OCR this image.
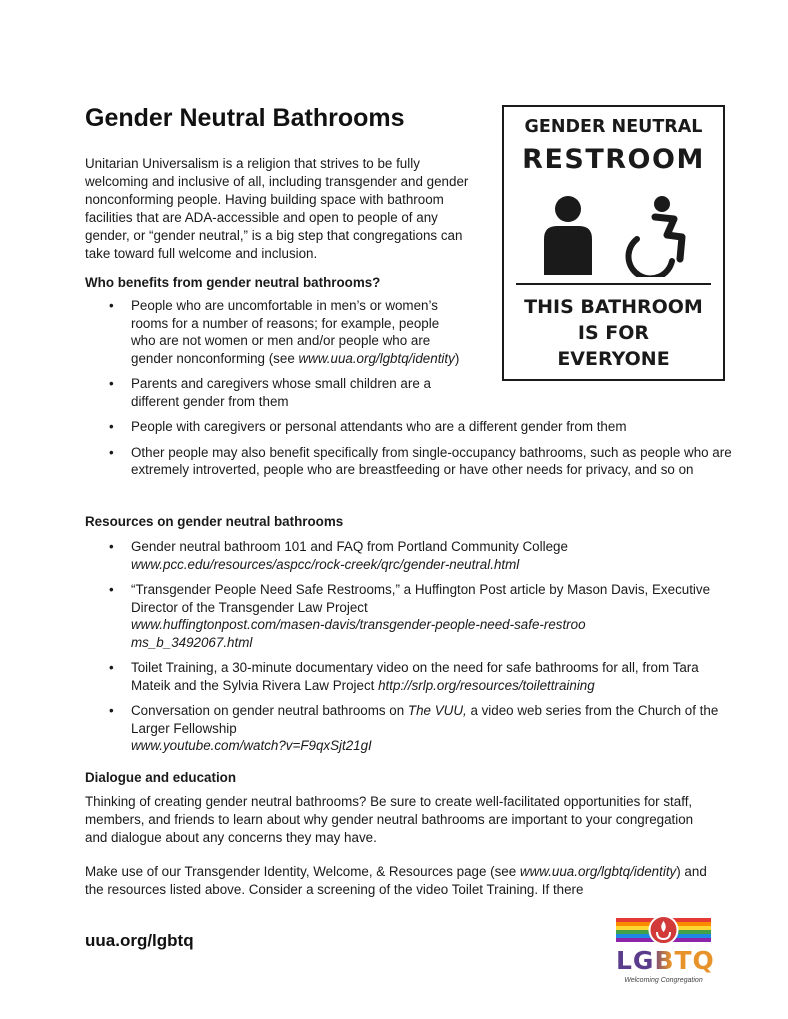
Gender Neutral Bathrooms

Unitarian Universalism is a religion that strives to be fully welcoming and inclusive of all, including transgender and gender nonconforming people. Having building space with bathroom facilities that are ADA-accessible and open to people of any gender, or “gender neutral,” is a big step that congregations can take toward full welcome and inclusion.

GENDER NEUTRAL
RESTROOM
THIS BATHROOM
IS FOR
EVERYONE
Who benefits from gender neutral bathrooms?
• People who are uncomfortable in men’s or women’s rooms for a number of reasons; for example, people who are not women or men and/or people who are gender nonconforming (see www.uua.org/lgbtq/identity)
• Parents and caregivers whose small children are a different gender from them
• People with caregivers or personal attendants who are a different gender from them
• Other people may also benefit specifically from single-occupancy bathrooms, such as people who are extremely introverted, people who are breastfeeding or have other needs for privacy, and so on
Resources on gender neutral bathrooms
• Gender neutral bathroom 101 and FAQ from Portland Community College
www.pcc.edu/resources/aspcc/rock-creek/qrc/gender-neutral.html
• “Transgender People Need Safe Restrooms,” a Huffington Post article by Mason Davis, Executive Director of the Transgender Law Project
www.huffingtonpost.com/masen-davis/transgender-people-need-safe-restrooms_b_3492067.html
• Toilet Training, a 30-minute documentary video on the need for safe bathrooms for all, from Tara Mateik and the Sylvia Rivera Law Project http://srlp.org/resources/toilettraining
• Conversation on gender neutral bathrooms on The VUU, a video web series from the Church of the Larger Fellowship
www.youtube.com/watch?v=F9qxSjt21gI
Dialogue and education

Thinking of creating gender neutral bathrooms? Be sure to create well-facilitated opportunities for staff, members, and friends to learn about why gender neutral bathrooms are important to your congregation and dialogue about any concerns they may have.

Make use of our Transgender Identity, Welcome, & Resources page (see www.uua.org/lgbtq/identity) and the resources listed above. Consider a screening of the video Toilet Training. If there

uua.org/lgbtq
LGBTQ
Welcoming Congregation
